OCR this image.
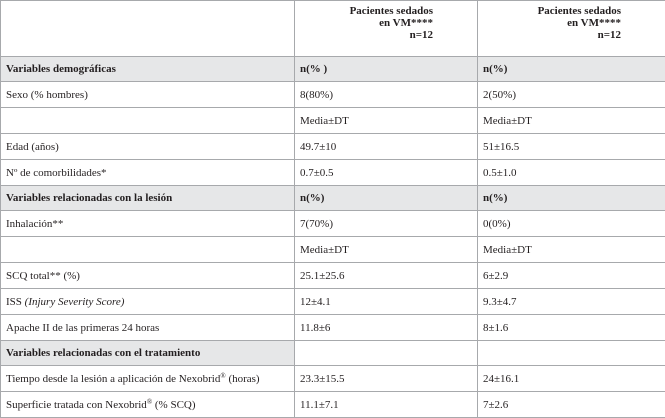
	Pacientes sedados
en VM****
n=12	Pacientes sedados
en VM****
n=12

Variables demográficas	n(% )	n(%)
Sexo (% hombres)	8(80%)	2(50%)
	Media±DT	Media±DT
Edad (años)	49.7±10	51±16.5
Nº de comorbilidades*	0.7±0.5	0.5±1.0
Variables relacionadas con la lesión	n(%)	n(%)
Inhalación**	7(70%)	0(0%)
	Media±DT	Media±DT
SCQ total** (%)	25.1±25.6	6±2.9
ISS (Injury Severity Score)	12±4.1	9.3±4.7
Apache II de las primeras 24 horas	11.8±6	8±1.6
Variables relacionadas con el tratamiento		
Tiempo desde la lesión a aplicación de Nexobrid® (horas)	23.3±15.5	24±16.1
Superficie tratada con Nexobrid® (% SCQ)	11.1±7.1	7±2.6
